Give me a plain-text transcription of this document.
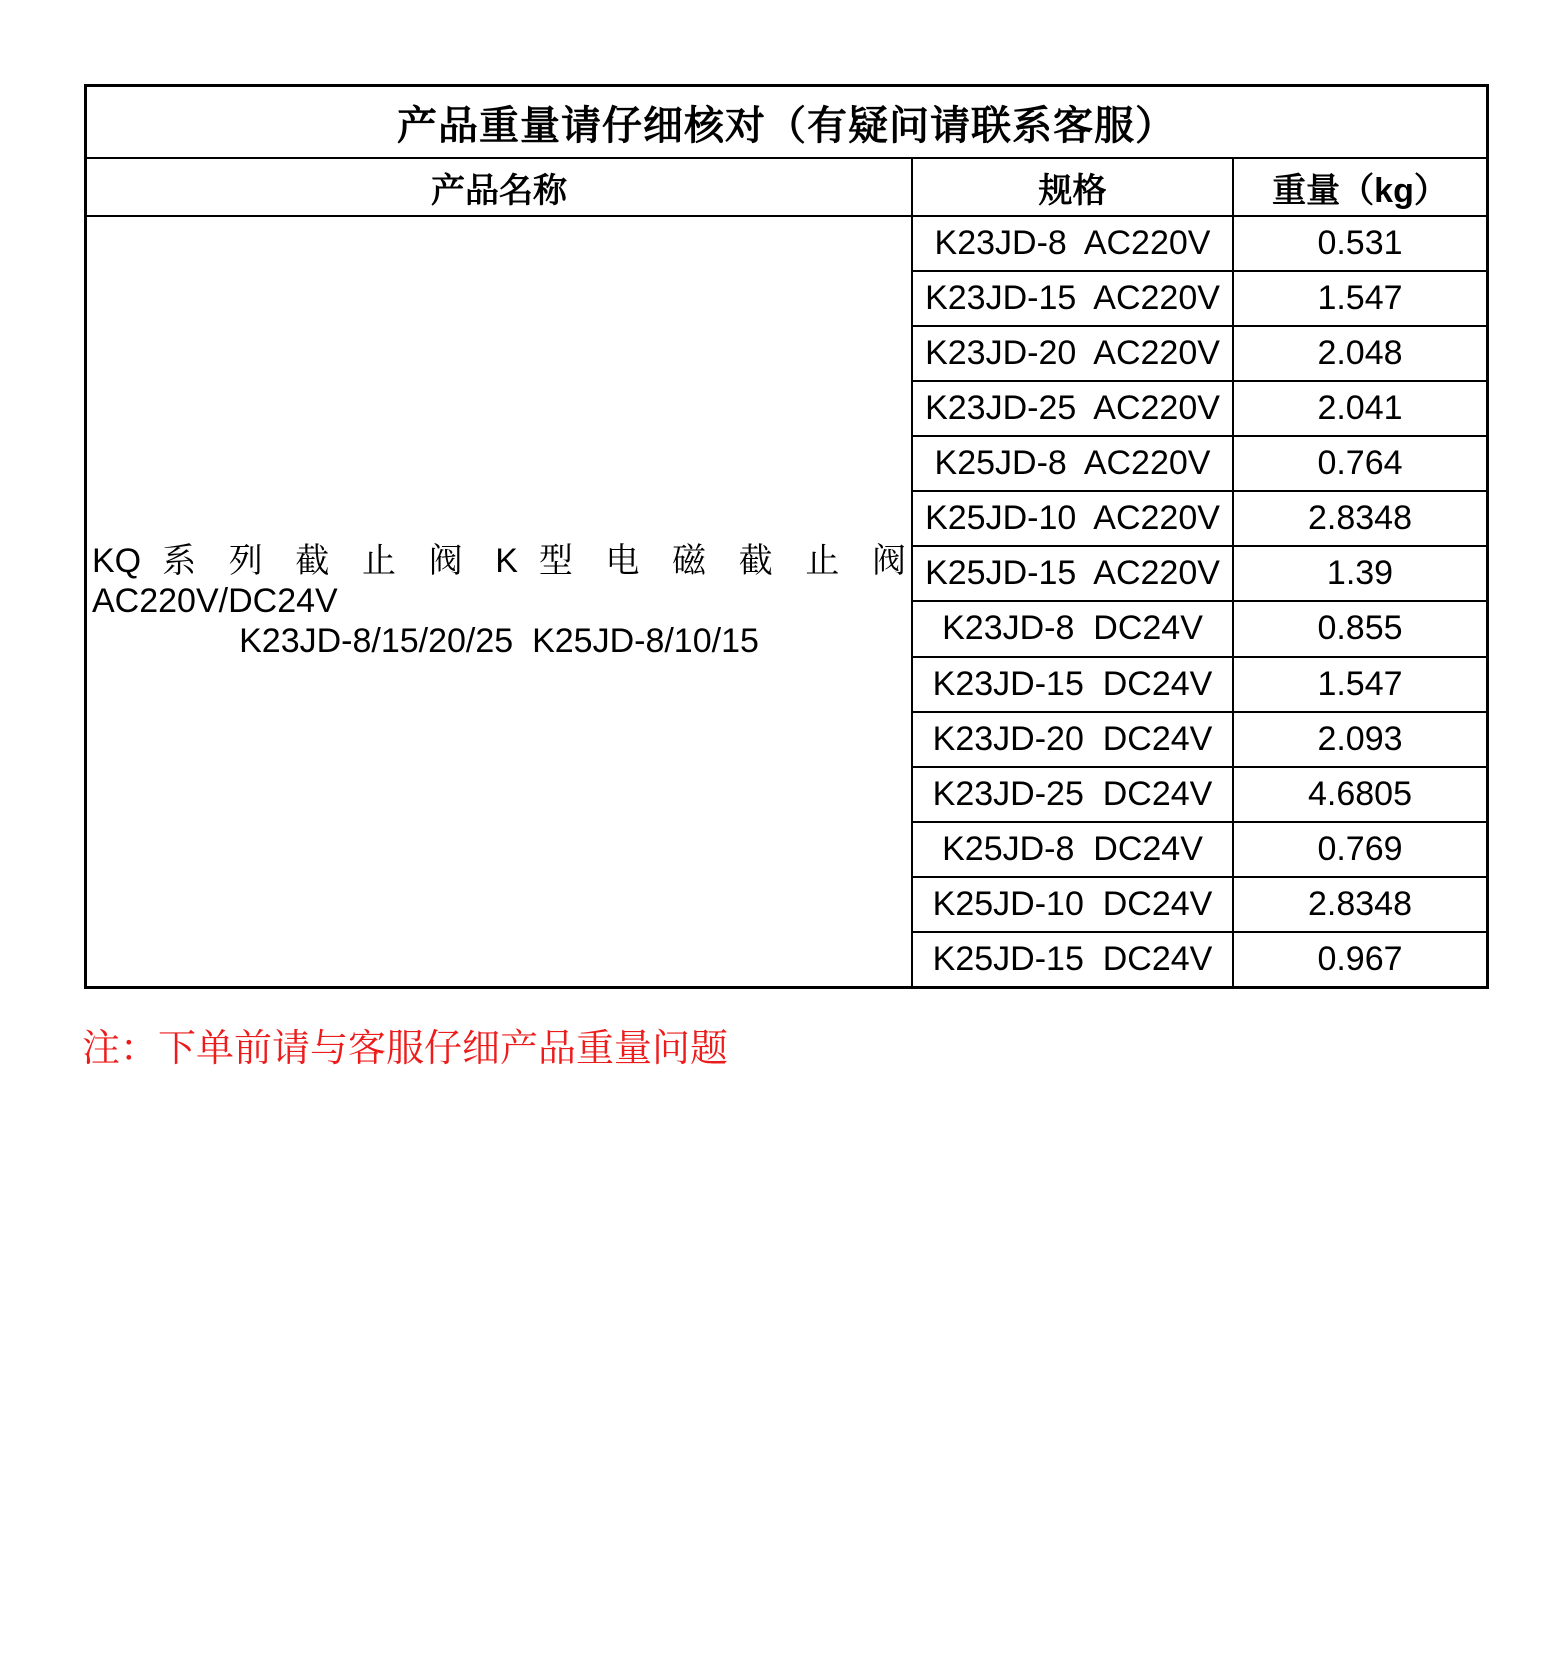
产品重量请仔细核对（有疑问请联系客服）
产品名称	规格	重量（kg）
KQ 系 列 截 止 阀 K 型 电 磁 截 止 阀 AC220V/DC24V
K23JD-8/15/20/25  K25JD-8/10/15
K23JD-8  AC220V	0.531
K23JD-15  AC220V	1.547
K23JD-20  AC220V	2.048
K23JD-25  AC220V	2.041
K25JD-8  AC220V	0.764
K25JD-10  AC220V	2.8348
K25JD-15  AC220V	1.39
K23JD-8  DC24V	0.855
K23JD-15  DC24V	1.547
K23JD-20  DC24V	2.093
K23JD-25  DC24V	4.6805
K25JD-8  DC24V	0.769
K25JD-10  DC24V	2.8348
K25JD-15  DC24V	0.967
注：下单前请与客服仔细产品重量问题
